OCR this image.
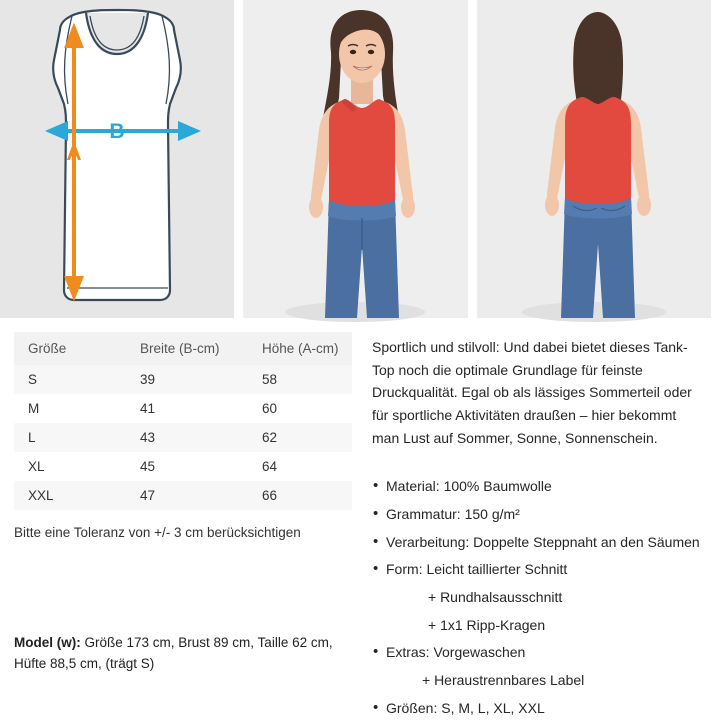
B
A
Größe	Breite (B-cm)	Höhe (A-cm)
S	39	58
M	41	60
L	43	62
XL	45	64
XXL	47	66
Bitte eine Toleranz von +/- 3 cm berücksichtigen
Sportlich und stilvoll: Und dabei bietet dieses Tank-Top noch die optimale Grundlage für feinste Druckqualität. Egal ob als lässiges Sommerteil oder für sportliche Aktivitäten draußen – hier bekommt man Lust auf Sommer, Sonne, Sonnenschein.
• Material: 100% Baumwolle
• Grammatur: 150 g/m²
• Verarbeitung: Doppelte Steppnaht an den Säumen
• Form: Leicht taillierter Schnitt
+ Rundhalsausschnitt
+ 1x1 Ripp-Kragen
• Extras: Vorgewaschen
+ Heraustrennbares Label
• Größen: S, M, L, XL, XXL
Model (w): Größe 173 cm, Brust 89 cm, Taille 62 cm, Hüfte 88,5 cm, (trägt S)
